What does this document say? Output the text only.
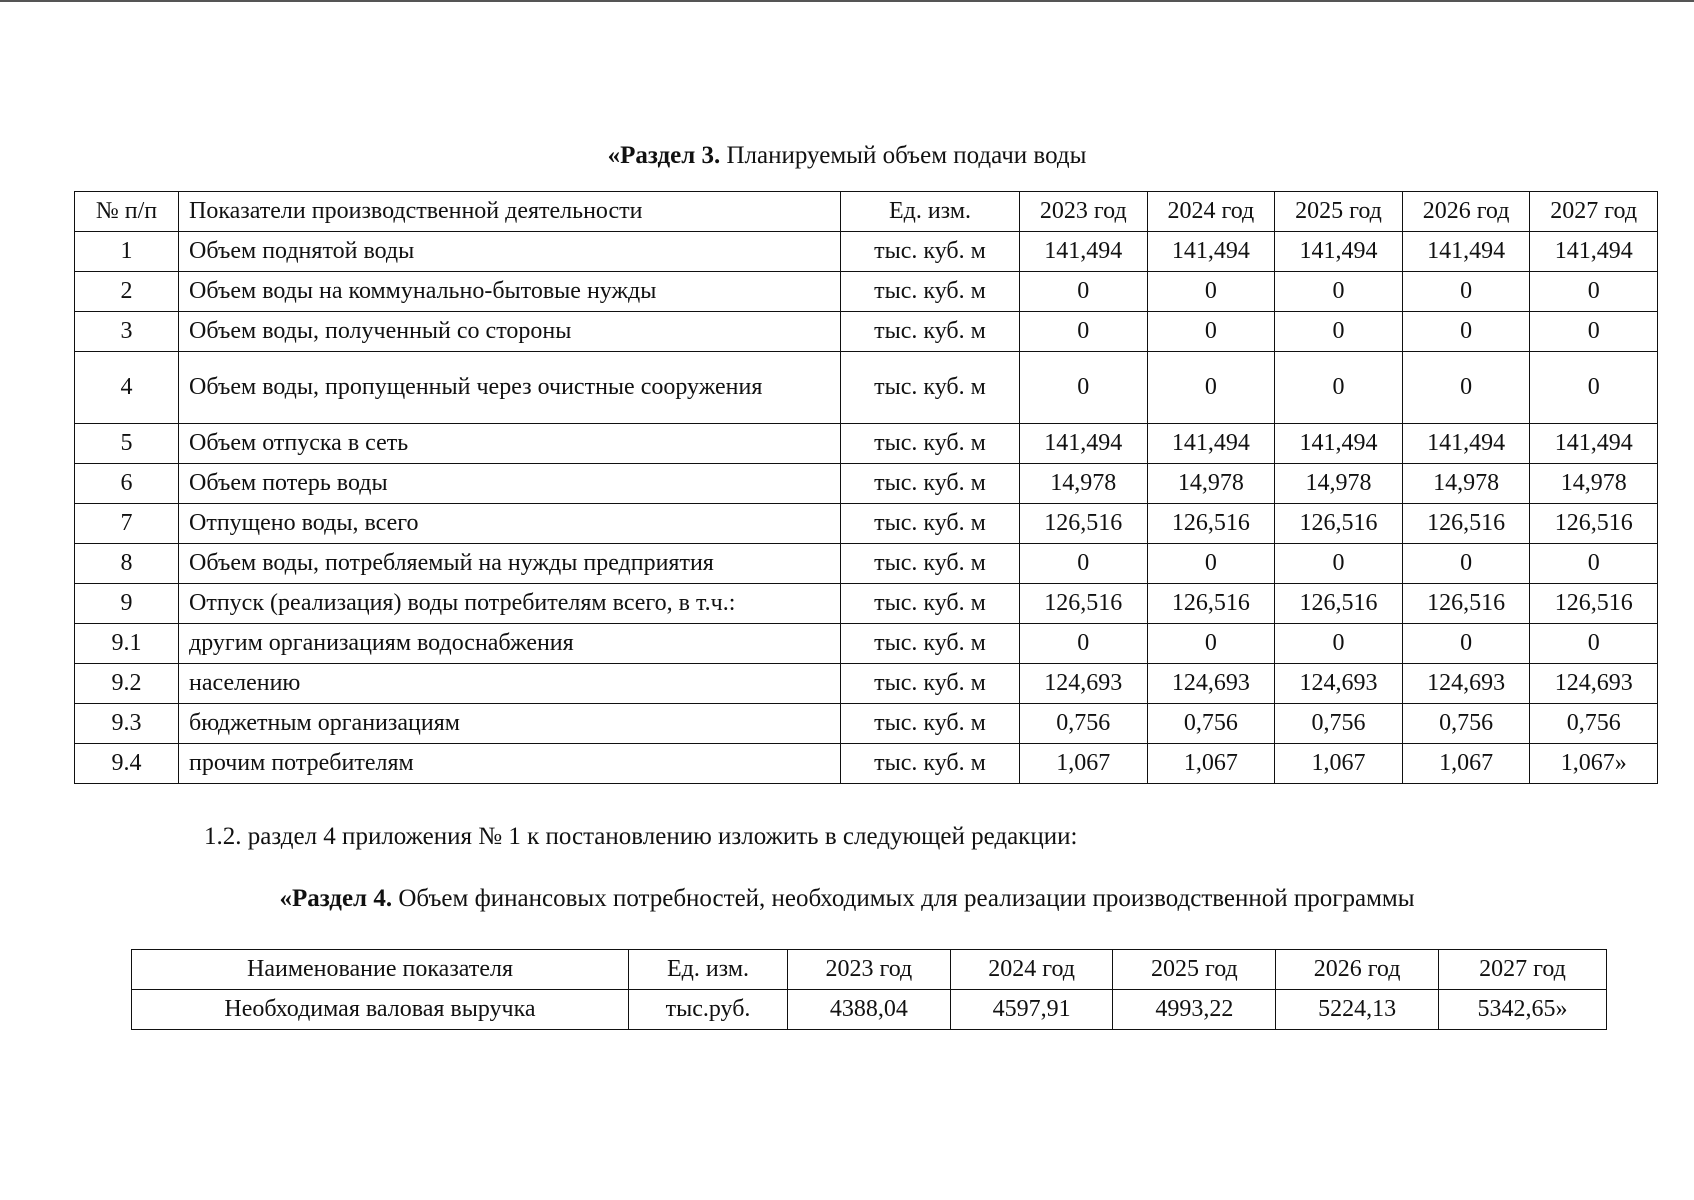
«Раздел 3. Планируемый объем подачи воды
№ п/п	Показатели производственной деятельности	Ед. изм.	2023 год	2024 год	2025 год	2026 год	2027 год
1	Объем поднятой воды	тыс. куб. м	141,494	141,494	141,494	141,494	141,494
2	Объем воды на коммунально-бытовые нужды	тыс. куб. м	0	0	0	0	0
3	Объем воды, полученный со стороны	тыс. куб. м	0	0	0	0	0
4	Объем воды, пропущенный через очистные сооружения	тыс. куб. м	0	0	0	0	0
5	Объем отпуска в сеть	тыс. куб. м	141,494	141,494	141,494	141,494	141,494
6	Объем потерь воды	тыс. куб. м	14,978	14,978	14,978	14,978	14,978
7	Отпущено воды, всего	тыс. куб. м	126,516	126,516	126,516	126,516	126,516
8	Объем воды, потребляемый на нужды предприятия	тыс. куб. м	0	0	0	0	0
9	Отпуск (реализация) воды потребителям всего, в т.ч.:	тыс. куб. м	126,516	126,516	126,516	126,516	126,516
9.1	другим организациям водоснабжения	тыс. куб. м	0	0	0	0	0
9.2	населению	тыс. куб. м	124,693	124,693	124,693	124,693	124,693
9.3	бюджетным организациям	тыс. куб. м	0,756	0,756	0,756	0,756	0,756
9.4	прочим потребителям	тыс. куб. м	1,067	1,067	1,067	1,067	1,067»
1.2. раздел 4 приложения № 1 к постановлению изложить в следующей редакции:
«Раздел 4. Объем финансовых потребностей, необходимых для реализации производственной программы
Наименование показателя	Ед. изм.	2023 год	2024 год	2025 год	2026 год	2027 год
Необходимая валовая выручка	тыс.руб.	4388,04	4597,91	4993,22	5224,13	5342,65»
